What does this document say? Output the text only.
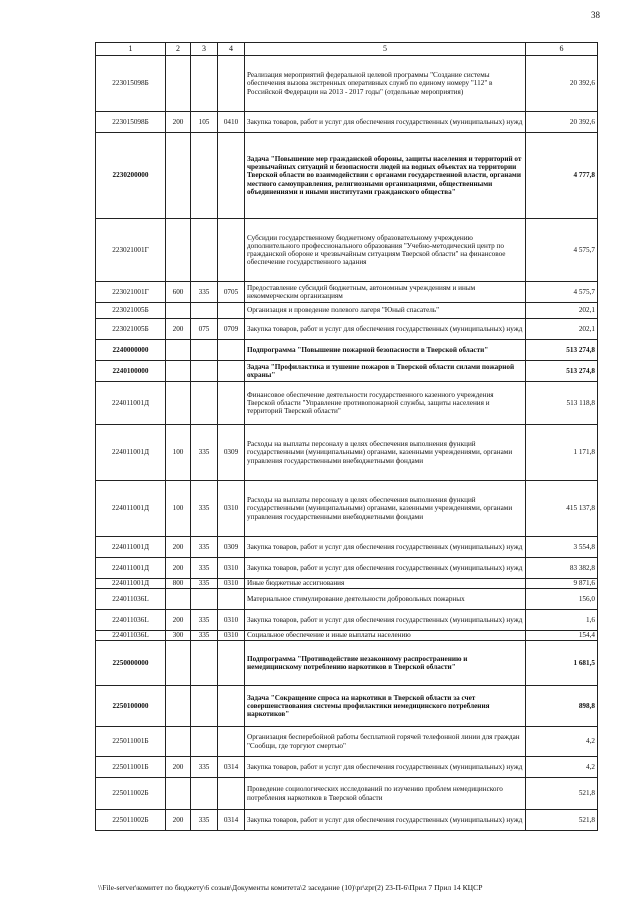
38
1	2	3	4	5	6
223015098Б				Реализация мероприятий федеральной целевой программы "Создание системы обеспечения вызова экстренных оперативных служб по единому номеру "112" в Российской Федерации на 2013 - 2017 годы" (отдельные мероприятия)	20 392,6
223015098Б	200	105	0410	Закупка товаров, работ и услуг для обеспечения государственных (муниципальных) нужд	20 392,6
2230200000				Задача "Повышение мер гражданской обороны, защиты населения и территорий от чрезвычайных ситуаций и безопасности людей на водных объектах на территории Тверской области во взаимодействии с органами государственной власти, органами местного самоуправления, религиозными организациями, общественными объединениями и иными институтами гражданского общества"	4 777,8
223021001Г				Субсидии государственному бюджетному образовательному учреждению дополнительного профессионального образования "Учебно-методический центр по гражданской обороне и чрезвычайным ситуациям Тверской области" на финансовое обеспечение государственного задания	4 575,7
223021001Г	600	335	0705	Предоставление субсидий бюджетным, автономным учреждениям и иным некоммерческим организациям	4 575,7
223021005Б				Организация и проведение полевого лагеря "Юный спасатель"	202,1
223021005Б	200	075	0709	Закупка товаров, работ и услуг для обеспечения государственных (муниципальных) нужд	202,1
2240000000				Подпрограмма "Повышение пожарной безопасности в Тверской области"	513 274,8
2240100000				Задача "Профилактика и тушение пожаров в Тверской области силами пожарной охраны"	513 274,8
224011001Д				Финансовое обеспечение деятельности государственного казенного учреждения Тверской области "Управление противопожарной службы, защиты населения и территорий Тверской области"	513 118,8
224011001Д	100	335	0309	Расходы на выплаты персоналу в целях обеспечения выполнения функций государственными (муниципальными) органами, казенными учреждениями, органами управления государственными внебюджетными фондами	1 171,8
224011001Д	100	335	0310	Расходы на выплаты персоналу в целях обеспечения выполнения функций государственными (муниципальными) органами, казенными учреждениями, органами управления государственными внебюджетными фондами	415 137,8
224011001Д	200	335	0309	Закупка товаров, работ и услуг для обеспечения государственных (муниципальных) нужд	3 554,8
224011001Д	200	335	0310	Закупка товаров, работ и услуг для обеспечения государственных (муниципальных) нужд	83 382,8
224011001Д	800	335	0310	Иные бюджетные ассигнования	9 871,6
224011036L				Материальное стимулирование деятельности добровольных пожарных	156,0
224011036L	200	335	0310	Закупка товаров, работ и услуг для обеспечения государственных (муниципальных) нужд	1,6
224011036L	300	335	0310	Социальное обеспечение и иные выплаты населению	154,4
2250000000				Подпрограмма "Противодействие незаконному распространению и немедицинскому потреблению наркотиков в Тверской области"	1 681,5
2250100000				Задача "Сокращение спроса на наркотики в Тверской области за счет совершенствования системы профилактики немедицинского потребления наркотиков"	898,8
225011001Б				Организация бесперебойной работы бесплатной горячей телефонной линии для граждан "Сообщи, где торгуют смертью"	4,2
225011001Б	200	335	0314	Закупка товаров, работ и услуг для обеспечения государственных (муниципальных) нужд	4,2
225011002Б				Проведение социологических исследований по изучению проблем немедицинского потребления наркотиков в Тверской области	521,8
225011002Б	200	335	0314	Закупка товаров, работ и услуг для обеспечения государственных (муниципальных) нужд	521,8
\\File-server\комитет по бюджету\6 созыв\Документы комитета\2 заседание (10)\pr\zpr(2) 23-П-6\Прил 7 Прил 14 КЦСР
